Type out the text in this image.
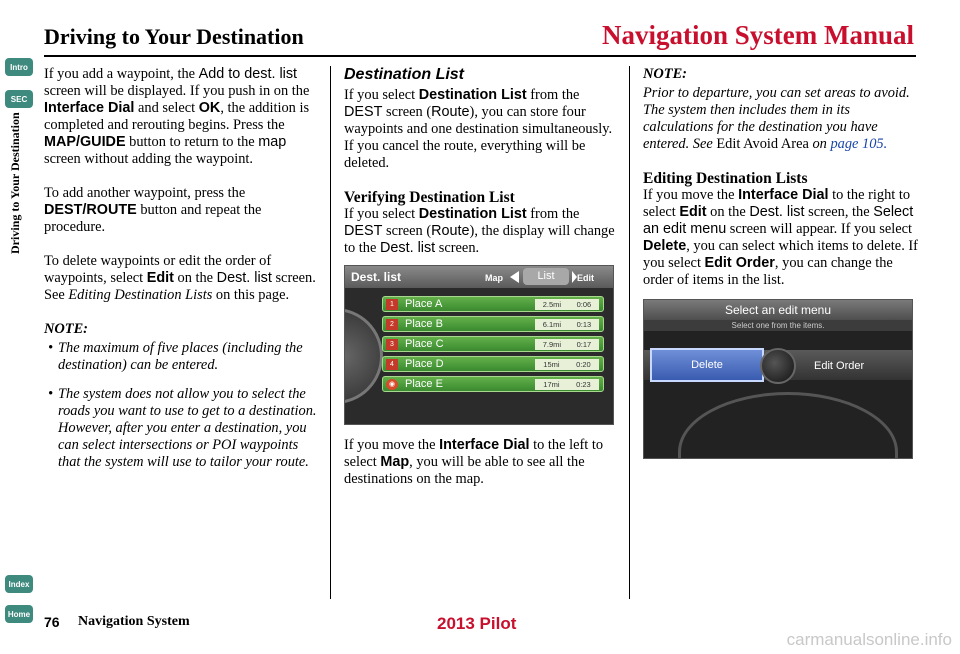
Driving to Your Destination	Navigation System Manual
Intro
SEC
Driving to Your Destination
Index
Home

If you add a waypoint, the Add to dest. list screen will be displayed. If you push in on the Interface Dial and select OK, the addition is completed and rerouting begins. Press the MAP/GUIDE button to return to the map screen without adding the waypoint.

To add another waypoint, press the DEST/ROUTE button and repeat the procedure.

To delete waypoints or edit the order of waypoints, select Edit on the Dest. list screen. See Editing Destination Lists on this page.

NOTE:
• The maximum of five places (including the destination) can be entered.
• The system does not allow you to select the roads you want to use to get to a destination. However, after you enter a destination, you can select intersections or POI waypoints that the system will use to tailor your route.
Destination List

If you select Destination List from the DEST screen (Route), you can store four waypoints and one destination simultaneously. If you cancel the route, everything will be deleted.

Verifying Destination List
If you select Destination List from the DEST screen (Route), the display will change to the Dest. list screen.
Dest. list	Map	List	Edit
1	Place A	2.5mi 0:06
2	Place B	6.1mi 0:13
3	Place C	7.9mi 0:17
4	Place D	15mi 0:20
◉ Place E	17mi 0:23
If you move the Interface Dial to the left to select Map, you will be able to see all the destinations on the map.
NOTE:

Prior to departure, you can set areas to avoid. The system then includes them in its calculations for the destination you have entered. See Edit Avoid Area on page 105.

Editing Destination Lists
If you move the Interface Dial to the right to select Edit on the Dest. list screen, the Select an edit menu screen will appear. If you select Delete, you can select which items to delete. If you select Edit Order, you can change the order of items in the list.
Select an edit menu
Select one from the items.
Delete	Edit Order
76 Navigation System	2013 Pilot
carmanualsonline.info
